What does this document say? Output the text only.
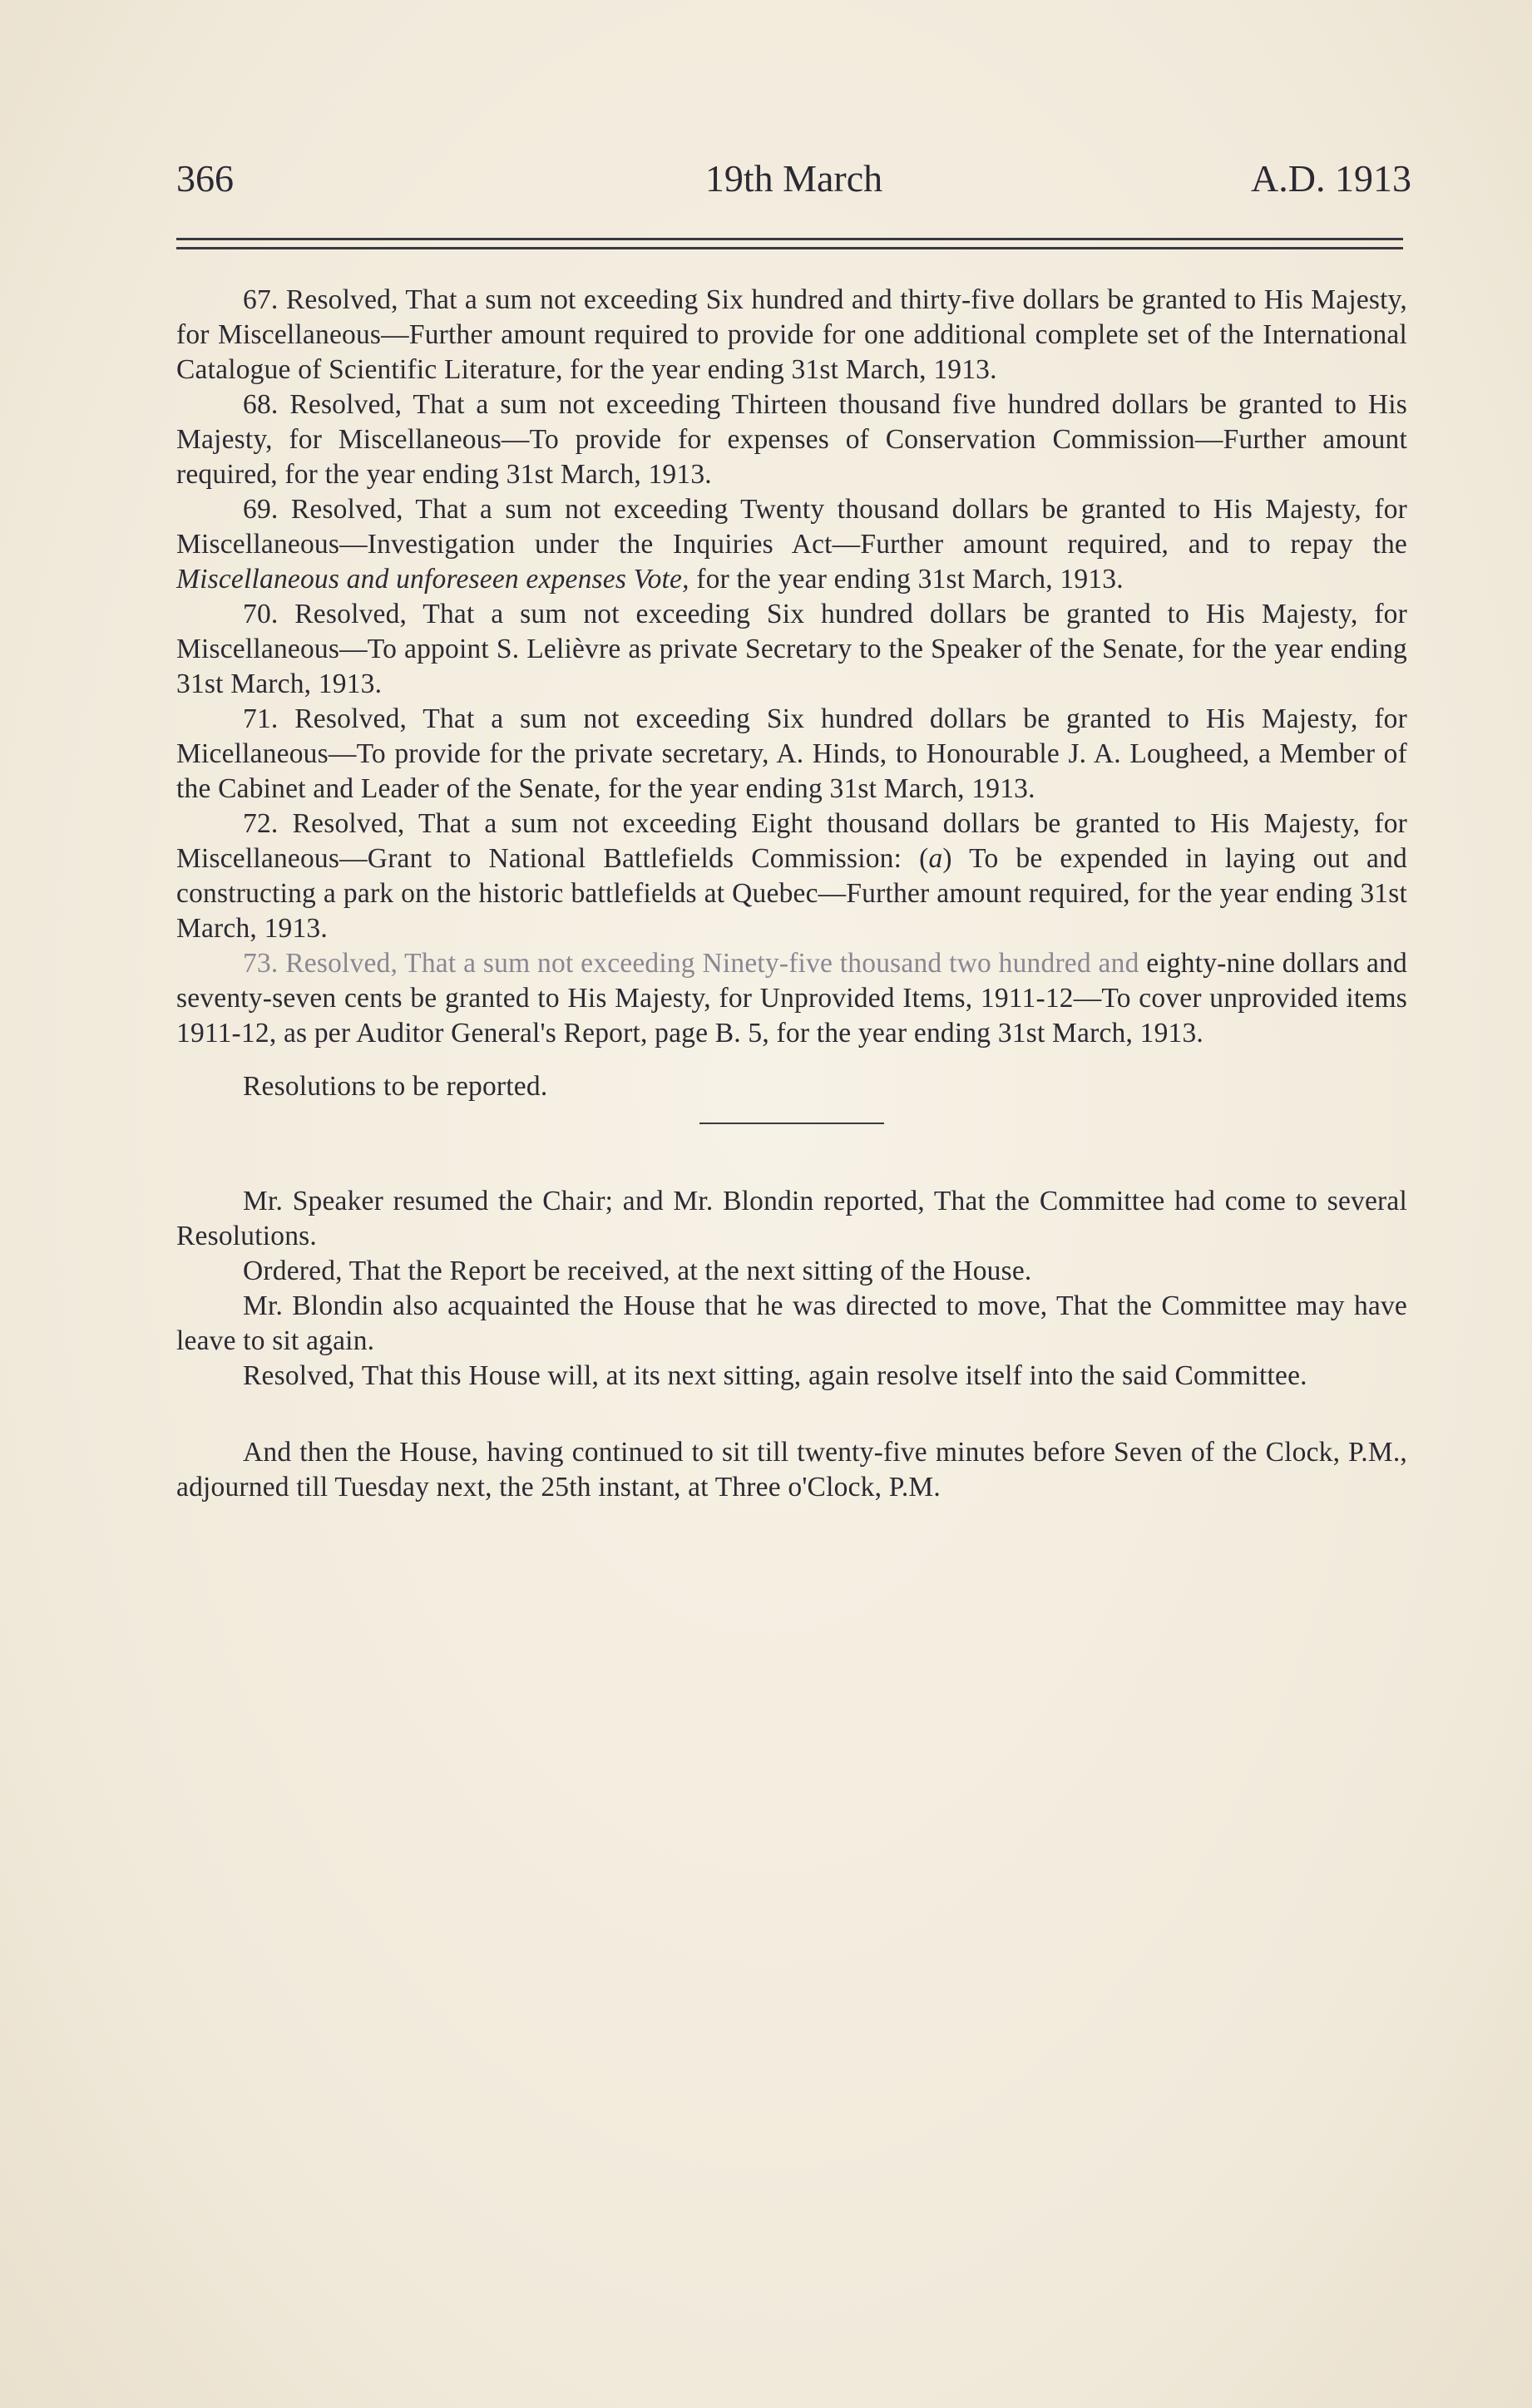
366	19th March	A.D. 1913

67. Resolved, That a sum not exceeding Six hundred and thirty-five dollars be granted to His Majesty, for Miscellaneous—Further amount required to provide for one additional complete set of the International Catalogue of Scientific Literature, for the year ending 31st March, 1913.

68. Resolved, That a sum not exceeding Thirteen thousand five hundred dollars be granted to His Majesty, for Miscellaneous—To provide for expenses of Conservation Commission—Further amount required, for the year ending 31st March, 1913.

69. Resolved, That a sum not exceeding Twenty thousand dollars be granted to His Majesty, for Miscellaneous—Investigation under the Inquiries Act—Further amount required, and to repay the Miscellaneous and unforeseen expenses Vote, for the year ending 31st March, 1913.

70. Resolved, That a sum not exceeding Six hundred dollars be granted to His Majesty, for Miscellaneous—To appoint S. Lelièvre as private Secretary to the Speaker of the Senate, for the year ending 31st March, 1913.

71. Resolved, That a sum not exceeding Six hundred dollars be granted to His Majesty, for Micellaneous—To provide for the private secretary, A. Hinds, to Honourable J. A. Lougheed, a Member of the Cabinet and Leader of the Senate, for the year ending 31st March, 1913.

72. Resolved, That a sum not exceeding Eight thousand dollars be granted to His Majesty, for Miscellaneous—Grant to National Battlefields Commission: (a) To be expended in laying out and constructing a park on the historic battlefields at Quebec—Further amount required, for the year ending 31st March, 1913.

73. Resolved, That a sum not exceeding Ninety-five thousand two hundred and eighty-nine dollars and seventy-seven cents be granted to His Majesty, for Unprovided Items, 1911-12—To cover unprovided items 1911-12, as per Auditor General's Report, page B. 5, for the year ending 31st March, 1913.

Resolutions to be reported.

Mr. Speaker resumed the Chair; and Mr. Blondin reported, That the Committee had come to several Resolutions.

Ordered, That the Report be received, at the next sitting of the House.

Mr. Blondin also acquainted the House that he was directed to move, That the Committee may have leave to sit again.

Resolved, That this House will, at its next sitting, again resolve itself into the said Committee.

And then the House, having continued to sit till twenty-five minutes before Seven of the Clock, P.M., adjourned till Tuesday next, the 25th instant, at Three o'Clock, P.M.
